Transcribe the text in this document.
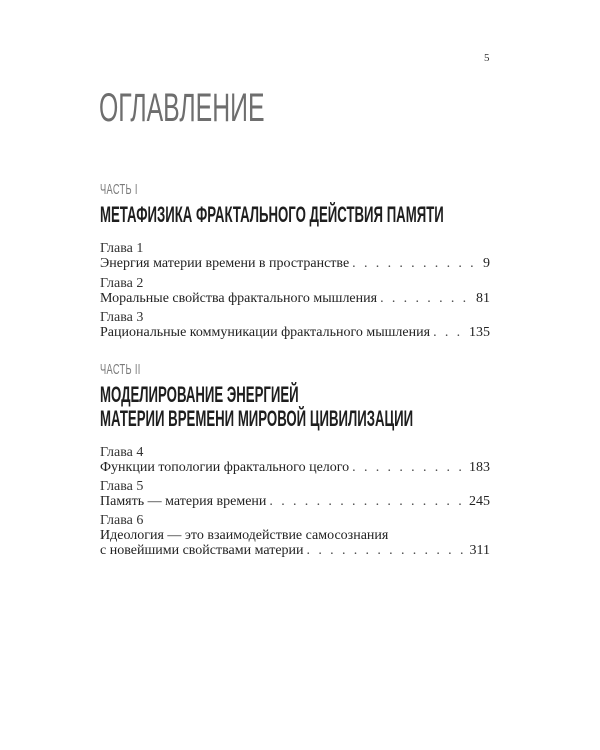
5
ОГЛАВЛЕНИЕ
ЧАСТЬ I
МЕТАФИЗИКА ФРАКТАЛЬНОГО ДЕЙСТВИЯ ПАМЯТИ
Глава 1
Энергия материи времени в пространстве . . .	9
Глава 2
Моральные свойства фрактального мышления . . .	81
Глава 3
Рациональные коммуникации фрактального мышления . . .	135
ЧАСТЬ II
МОДЕЛИРОВАНИЕ ЭНЕРГИЕЙ
МАТЕРИИ ВРЕМЕНИ МИРОВОЙ ЦИВИЛИЗАЦИИ
Глава 4
Функции топологии фрактального целого . . .	183
Глава 5
Память — материя времени . . .	245
Глава 6
Идеология — это взаимодействие самосознания
с новейшими свойствами материи . . .	311
